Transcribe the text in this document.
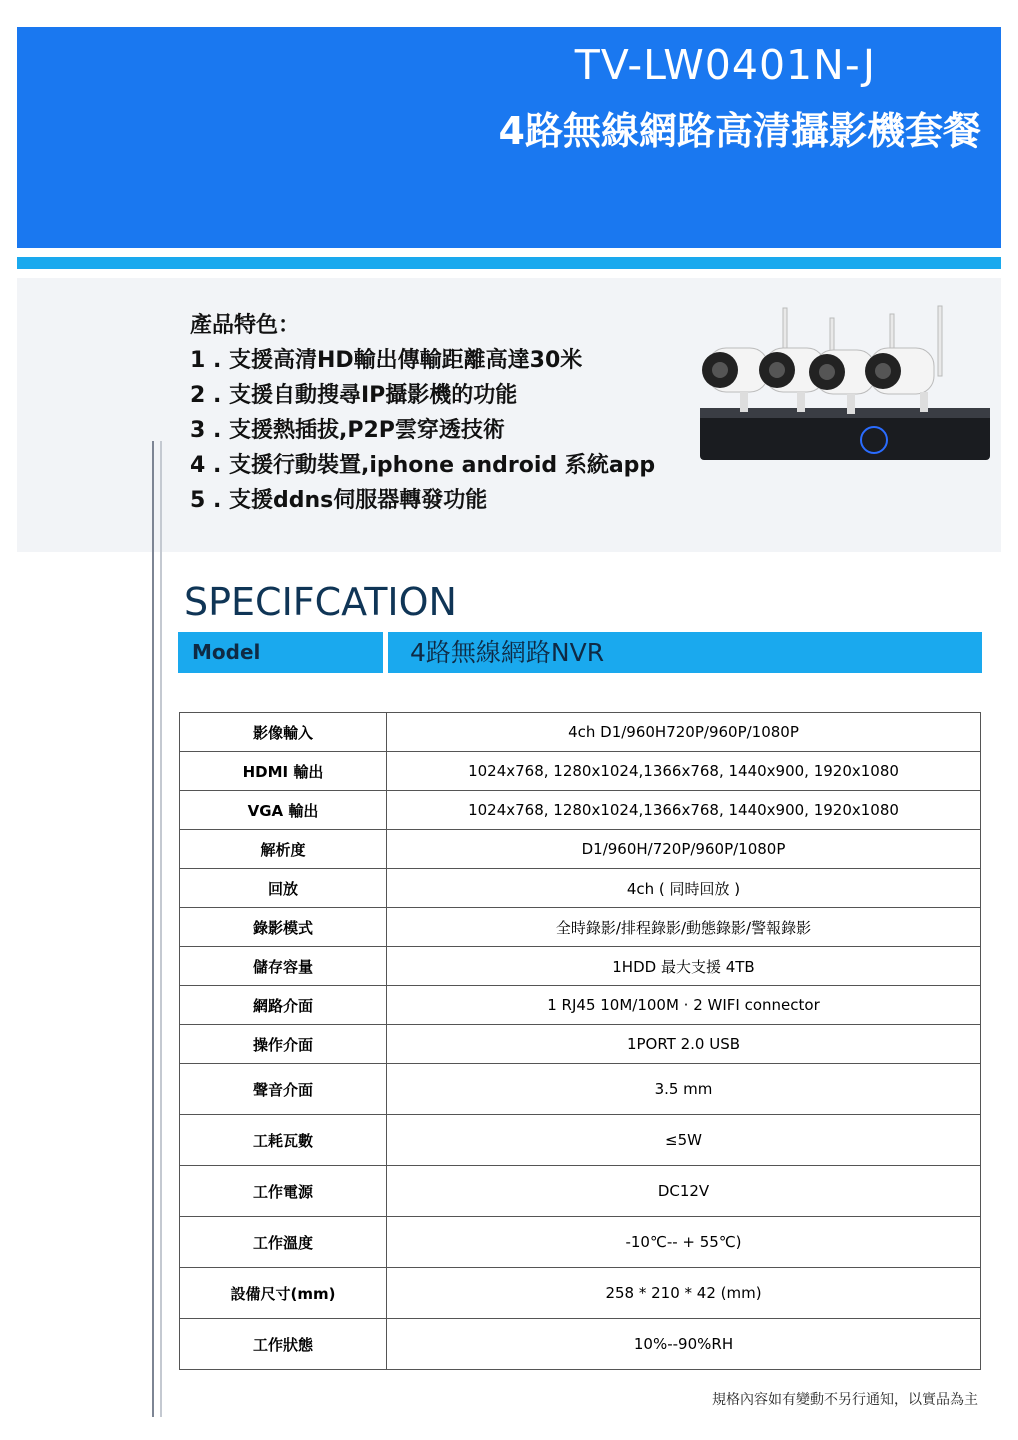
TV-LW0401N-J
4路無線網路高清攝影機套餐
產品特色：
1 . 支援高清HD輸出傳輸距離高達30米
2 . 支援自動搜尋IP攝影機的功能
3 . 支援熱插拔,P2P雲穿透技術
4 . 支援行動裝置,iphone android 系統app
5 . 支援ddns伺服器轉發功能
SPECIFCATION
Model	4路無線網路NVR
影像輸入	4ch D1/960H720P/960P/1080P
HDMI 輸出	1024x768, 1280x1024,1366x768, 1440x900, 1920x1080
VGA 輸出	1024x768, 1280x1024,1366x768, 1440x900, 1920x1080
解析度	D1/960H/720P/960P/1080P
回放	4ch ( 同時回放 )
錄影模式	全時錄影/排程錄影/動態錄影/警報錄影
儲存容量	1HDD 最大支援 4TB
網路介面	1 RJ45 10M/100M · 2 WIFI connector
操作介面	1PORT 2.0 USB
聲音介面	3.5 mm
工耗瓦數	≤5W
工作電源	DC12V
工作溫度	-10℃-- + 55℃)
設備尺寸(mm)	258 * 210 * 42 (mm)
工作狀態	10%--90%RH
規格內容如有變動不另行通知，以實品為主
